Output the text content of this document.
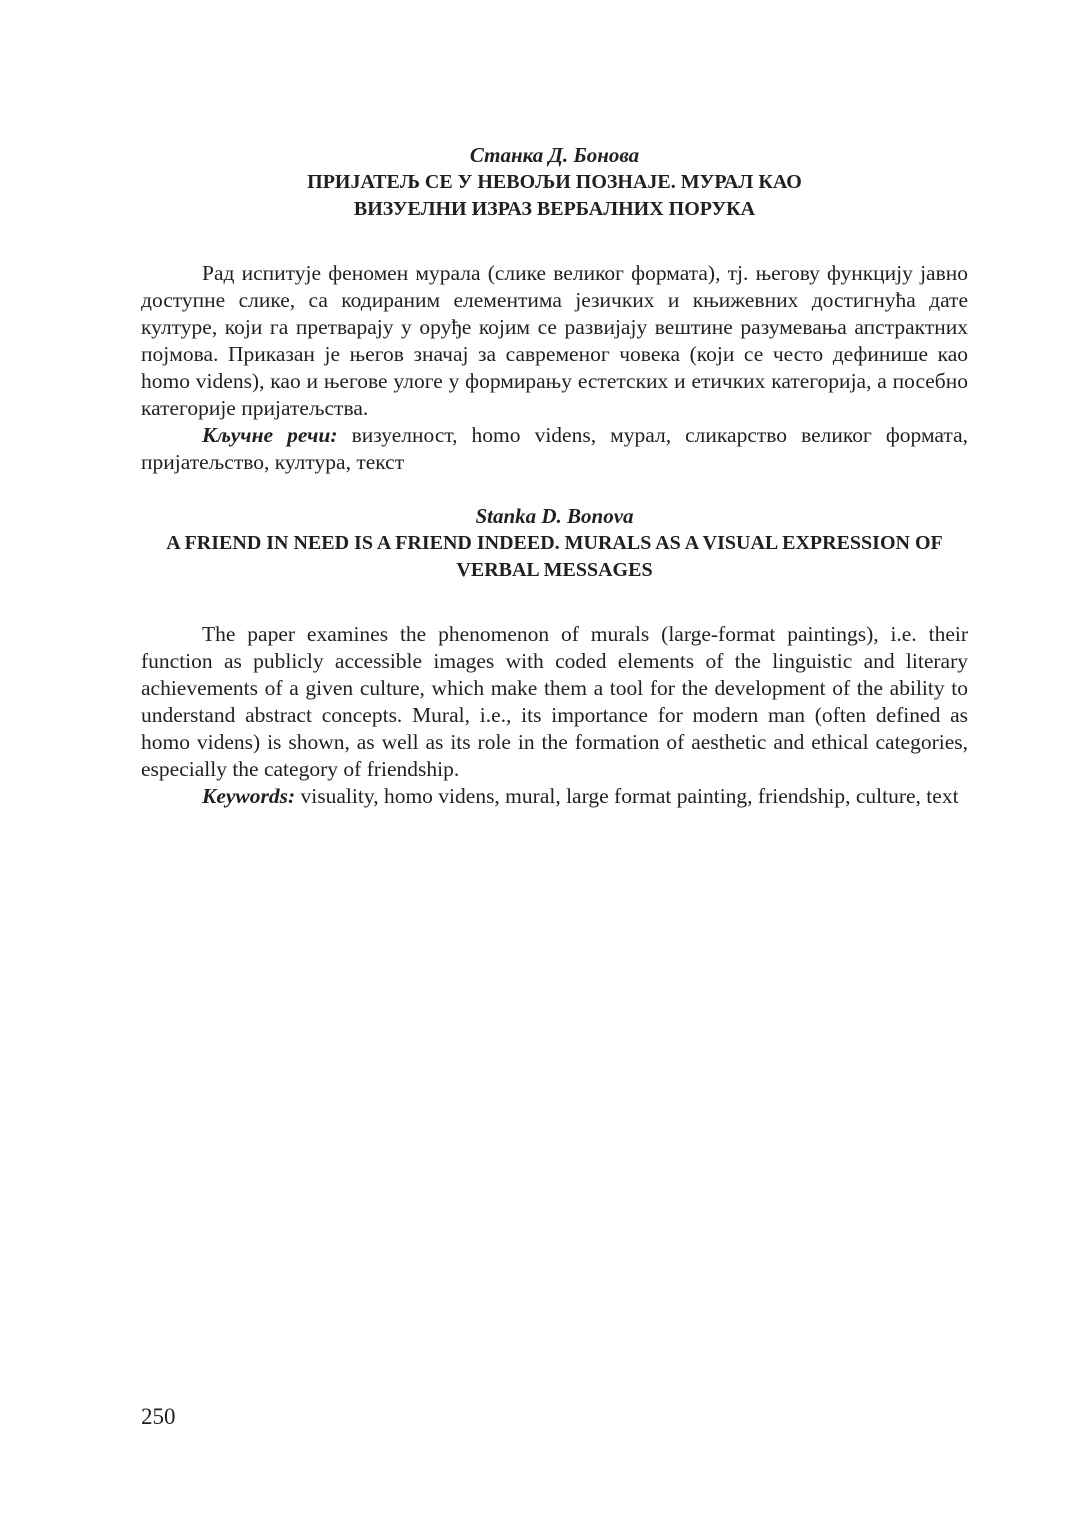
Станка Д. Бонова

ПРИЈАТЕЉ СЕ У НЕВОЉИ ПОЗНАЈЕ. МУРАЛ КАО

ВИЗУЕЛНИ ИЗРАЗ ВЕРБАЛНИХ ПОРУКА

Рад испитује феномен мурала (слике великог формата), тј. његову функцију јавно доступне слике, са кодираним елементима језичких и књижевних достигнућа дате културе, који га претварају у оруђе којим се развијају вештине разумевања апстрактних појмова. Приказан је његов значај за савременог човека (који се често дефинише као homo videns), као и његове улоге у формирању естетских и етичких категорија, а посебно категорије пријатељства.

Кључне речи: визуелност, homo videns, мурал, сликарство великог формата, пријатељство, култура, текст

Stanka D. Bonova

A FRIEND IN NEED IS A FRIEND INDEED. MURALS AS A VISUAL EXPRESSION OF

VERBAL MESSAGES

The paper examines the phenomenon of murals (large-format paintings), i.e. their function as publicly accessible images with coded elements of the linguistic and literary achievements of a given culture, which make them a tool for the development of the ability to understand abstract concepts. Mural, i.e., its importance for modern man (often defined as homo videns) is shown, as well as its role in the formation of aesthetic and ethical categories, especially the category of friendship.

Keywords: visuality, homo videns, mural, large format painting, friendship, culture, text

250
